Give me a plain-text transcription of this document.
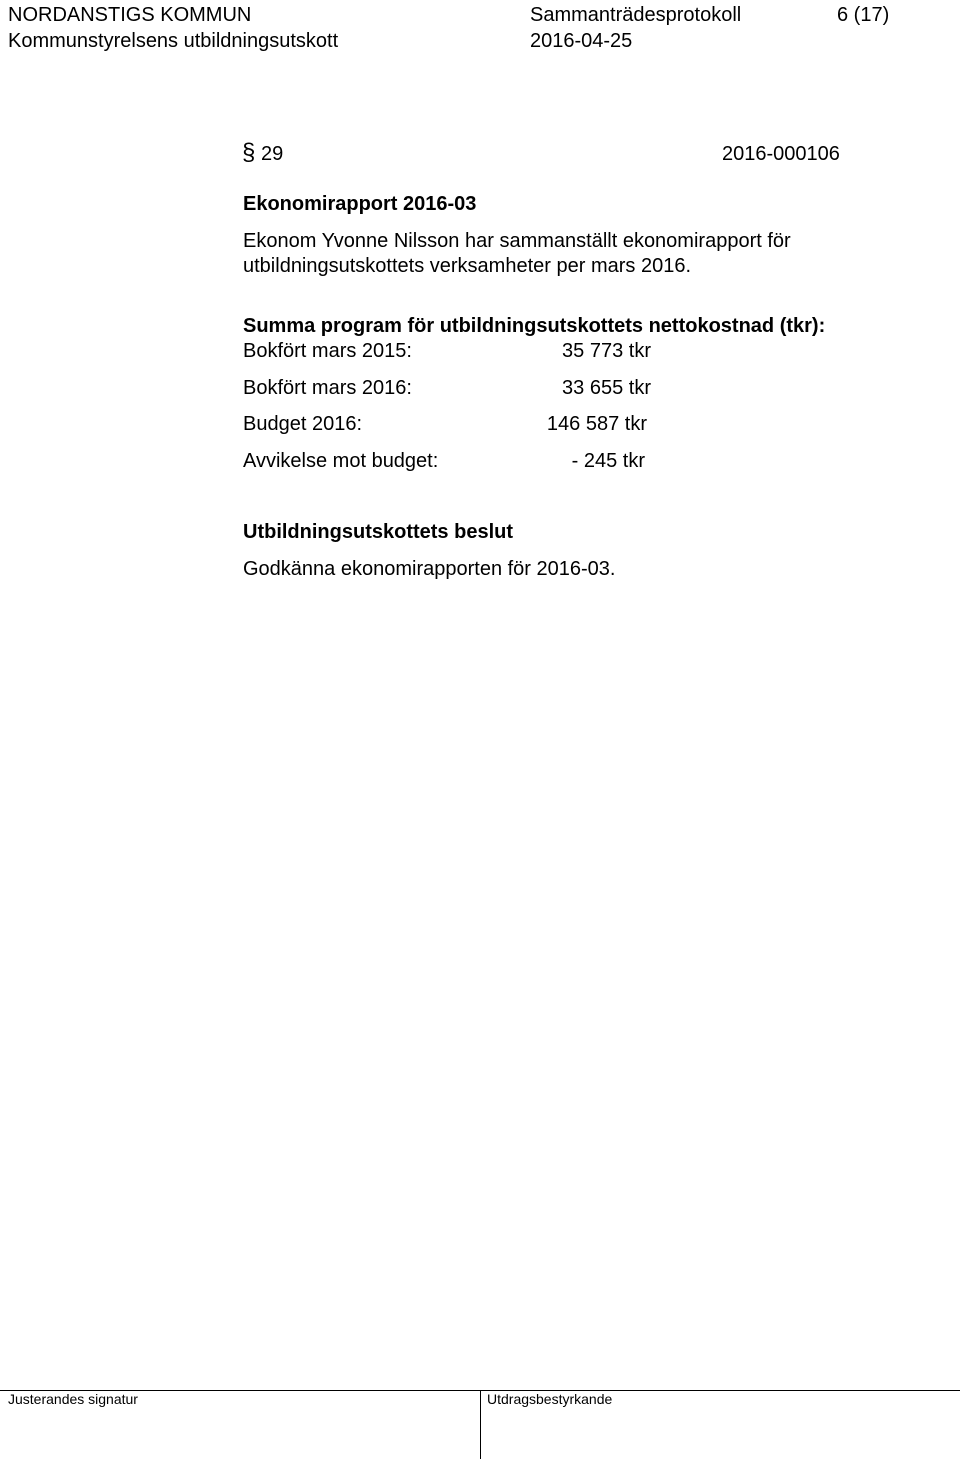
NORDANSTIGS KOMMUN	Sammanträdesprotokoll	6 (17)
Kommunstyrelsens utbildningsutskott	2016-04-25
§ 29	2016-000106
Ekonomirapport 2016-03
Ekonom Yvonne Nilsson har sammanställt ekonomirapport för
utbildningsutskottets verksamheter per mars 2016.
Summa program för utbildningsutskottets nettokostnad (tkr):
Bokfört mars 2015:	35 773 tkr
Bokfört mars 2016:	33 655 tkr
Budget 2016:	146 587 tkr
Avvikelse mot budget:	- 245 tkr
Utbildningsutskottets beslut
Godkänna ekonomirapporten för 2016-03.
Justerandes signatur	Utdragsbestyrkande
